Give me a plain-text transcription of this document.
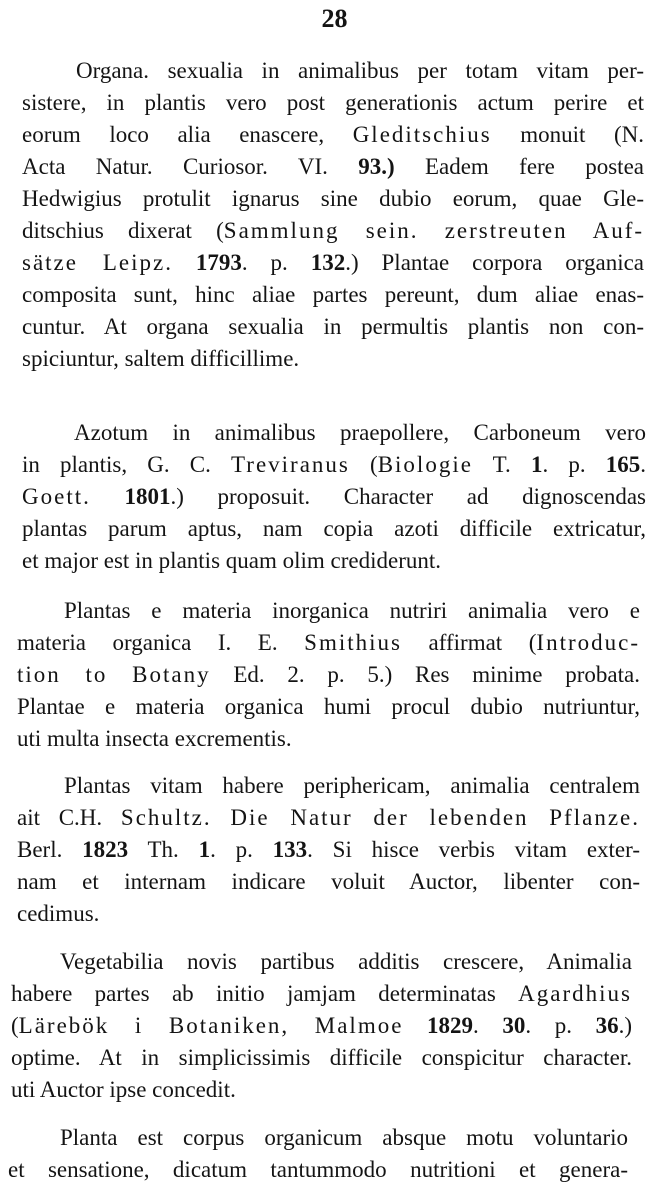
28
Organa. sexualia in animalibus per totam vitam per-
sistere, in plantis vero post generationis actum perire et
eorum loco alia enascere, Gleditschius monuit (N.
Acta Natur. Curiosor. VI. 93.) Eadem fere postea
Hedwigius protulit ignarus sine dubio eorum, quae Gle-
ditschius dixerat (Sammlung sein. zerstreuten Auf-
sätze Leipz. 1793. p. 132.) Plantae corpora organica
composita sunt, hinc aliae partes pereunt, dum aliae enas-
cuntur. At organa sexualia in permultis plantis non con-
spiciuntur, saltem difficillime.
Azotum in animalibus praepollere, Carboneum vero
in plantis, G. C. Treviranus (Biologie T. 1. p. 165.
Goett. 1801.) proposuit. Character ad dignoscendas
plantas parum aptus, nam copia azoti difficile extricatur,
et major est in plantis quam olim crediderunt.
Plantas e materia inorganica nutriri animalia vero e
materia organica I. E. Smithius affirmat (Introduc-
tion to Botany Ed. 2. p. 5.) Res minime probata.
Plantae e materia organica humi procul dubio nutriuntur,
uti multa insecta excrementis.
Plantas vitam habere periphericam, animalia centralem
ait C.H. Schultz. Die Natur der lebenden Pflanze.
Berl. 1823 Th. 1. p. 133. Si hisce verbis vitam exter-
nam et internam indicare voluit Auctor, libenter con-
cedimus.
Vegetabilia novis partibus additis crescere, Animalia
habere partes ab initio jamjam determinatas Agardhius
(Lärebök i Botaniken, Malmoe 1829. 30. p. 36.)
optime. At in simplicissimis difficile conspicitur character.
uti Auctor ipse concedit.
Planta est corpus organicum absque motu voluntario
et sensatione, dicatum tantummodo nutritioni et genera-
